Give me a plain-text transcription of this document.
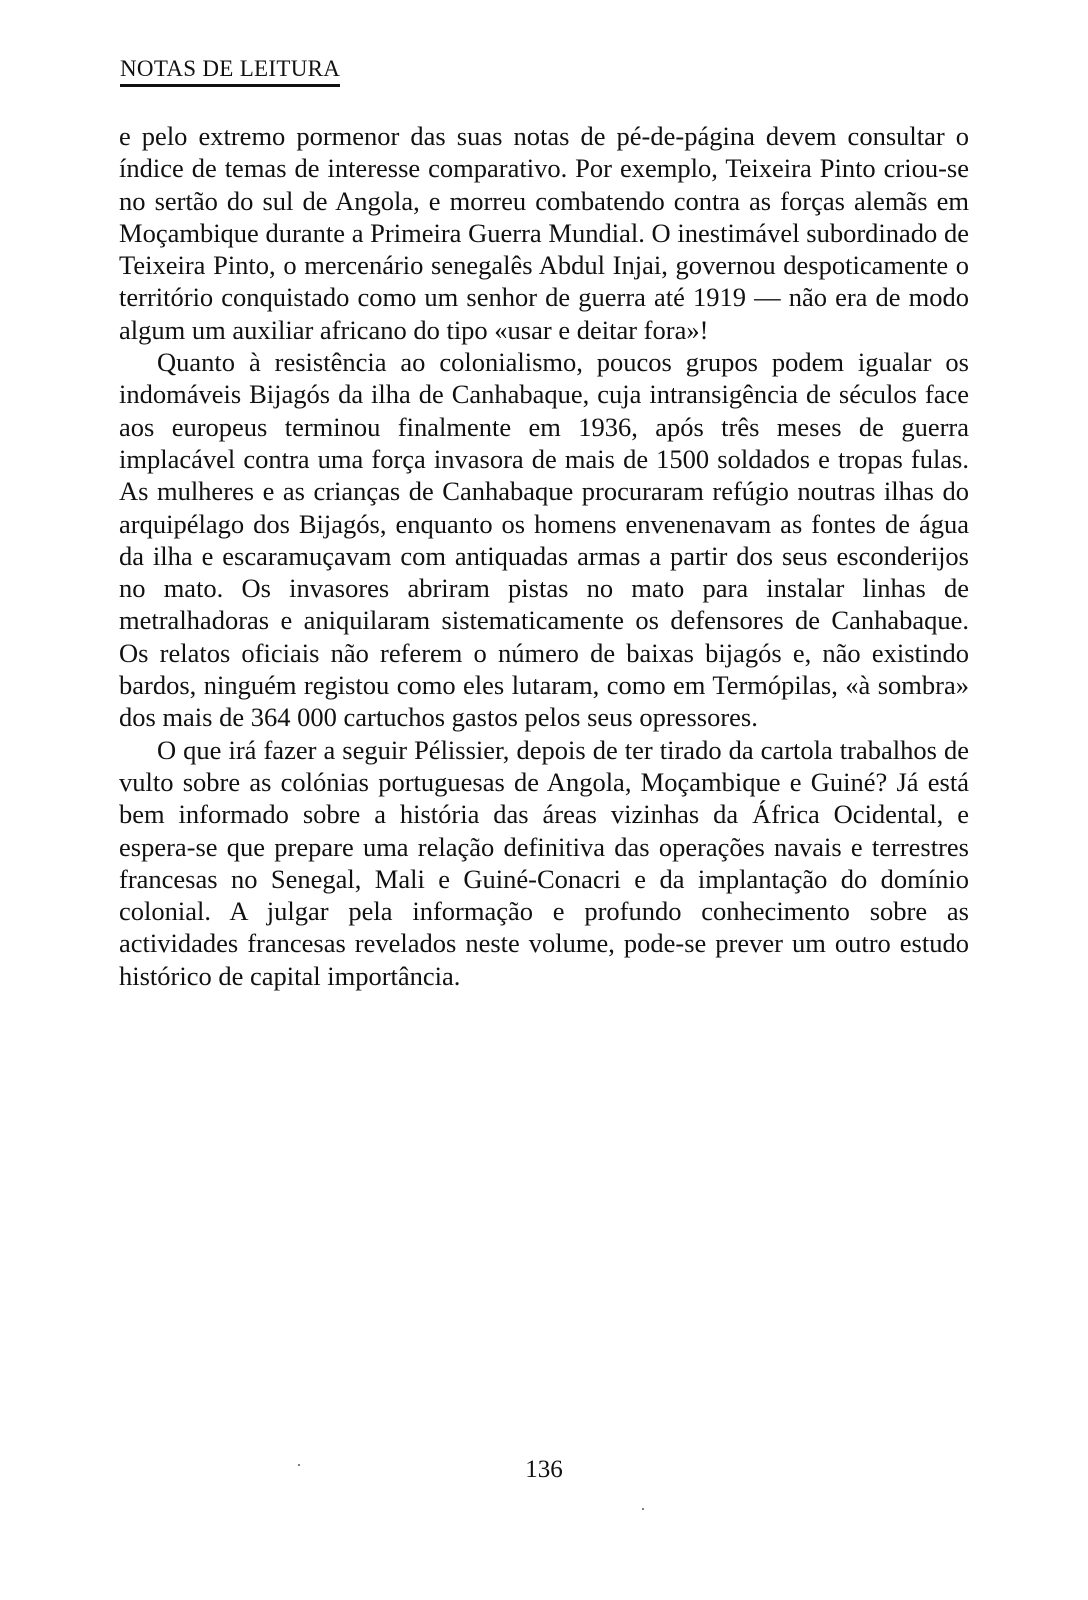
NOTAS DE LEITURA

e pelo extremo pormenor das suas notas de pé-de-página devem consultar o índice de temas de interesse comparativo. Por exemplo, Teixeira Pinto criou-se no sertão do sul de Angola, e morreu combatendo contra as forças alemãs em Moçambique durante a Primeira Guerra Mundial. O inestimável subordinado de Teixeira Pinto, o mercenário senegalês Abdul Injai, governou despoticamente o território conquistado como um senhor de guerra até 1919 — não era de modo algum um auxiliar africano do tipo «usar e deitar fora»!

Quanto à resistência ao colonialismo, poucos grupos podem igualar os indomáveis Bijagós da ilha de Canhabaque, cuja intransigência de séculos face aos europeus terminou finalmente em 1936, após três meses de guerra implacável contra uma força invasora de mais de 1500 soldados e tropas fulas. As mulheres e as crianças de Canhabaque procuraram refúgio noutras ilhas do arquipélago dos Bijagós, enquanto os homens envenenavam as fontes de água da ilha e escaramuçavam com antiquadas armas a partir dos seus esconderijos no mato. Os invasores abriram pistas no mato para instalar linhas de metralhadoras e aniquilaram sistematicamente os defensores de Canhabaque. Os relatos oficiais não referem o número de baixas bijagós e, não existindo bardos, ninguém registou como eles lutaram, como em Termópilas, «à sombra» dos mais de 364 000 cartuchos gastos pelos seus opressores.

O que irá fazer a seguir Pélissier, depois de ter tirado da cartola trabalhos de vulto sobre as colónias portuguesas de Angola, Moçambique e Guiné? Já está bem informado sobre a história das áreas vizinhas da África Ocidental, e espera-se que prepare uma relação definitiva das operações navais e terrestres francesas no Senegal, Mali e Guiné-Conacri e da implantação do domínio colonial. A julgar pela informação e profundo conhecimento sobre as actividades francesas revelados neste volume, pode-se prever um outro estudo histórico de capital importância.

136
